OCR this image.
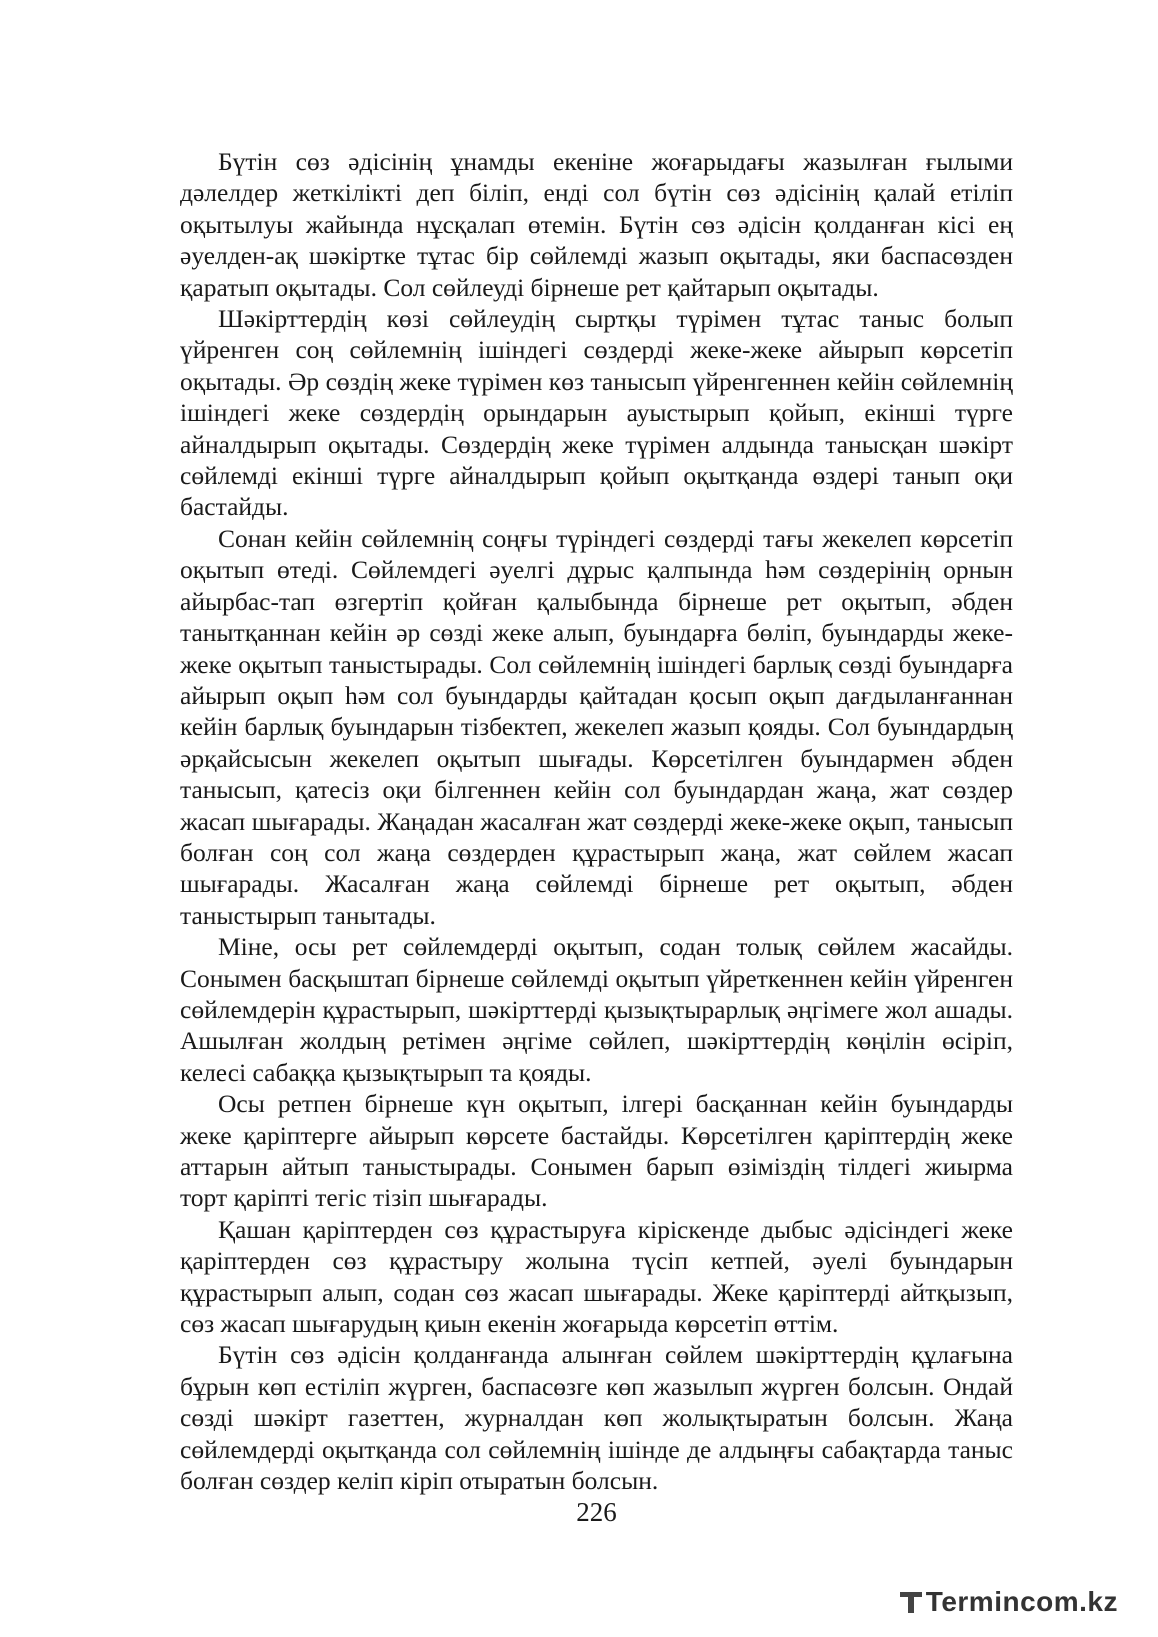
Бүтін сөз әдісінің ұнамды екеніне жоғарыдағы жазылған ғылыми дәлелдер жеткілікті деп біліп, енді сол бүтін сөз әдісінің қалай етіліп оқытылуы жайында нұсқалап өтемін. Бүтін сөз әдісін қолданған кісі ең әуелден-ақ шәкіртке тұтас бір сөйлемді жазып оқытады, яки баспасөзден қаратып оқытады. Сол сөйлеуді бірнеше рет қайтарып оқытады.

Шәкірттердің көзі сөйлеудің сыртқы түрімен тұтас таныс болып үйренген соң сөйлемнің ішіндегі сөздерді жеке-жеке айырып көрсетіп оқытады. Әр сөздің жеке түрімен көз танысып үйренгеннен кейін сөйлемнің ішіндегі жеке сөздердің орындарын ауыстырып қойып, екінші түрге айналдырып оқытады. Сөздердің жеке түрімен алдында танысқан шәкірт сөйлемді екінші түрге айналдырып қойып оқытқанда өздері танып оқи бастайды.

Сонан кейін сөйлемнің соңғы түріндегі сөздерді тағы жекелеп көрсетіп оқытып өтеді. Сөйлемдегі әуелгі дұрыс қалпында һәм сөздерінің орнын айырбас-тап өзгертіп қойған қалыбында бірнеше рет оқытып, әбден танытқаннан кейін әр сөзді жеке алып, буындарға бөліп, буындарды жеке-жеке оқытып таныстырады. Сол сөйлемнің ішіндегі барлық сөзді буындарға айырып оқып һәм сол буындарды қайтадан қосып оқып дағдыланғаннан кейін барлық буындарын тізбектеп, жекелеп жазып қояды. Сол буындардың әрқайсысын жекелеп оқытып шығады. Көрсетілген буындармен әбден танысып, қатесіз оқи білгеннен кейін сол буындардан жаңа, жат сөздер жасап шығарады. Жаңадан жасалған жат сөздерді жеке-жеке оқып, танысып болған соң сол жаңа сөздерден құрастырып жаңа, жат сөйлем жасап шығарады. Жасалған жаңа сөйлемді бірнеше рет оқытып, әбден таныстырып танытады.

Міне, осы рет сөйлемдерді оқытып, содан толық сөйлем жасайды. Сонымен басқыштап бірнеше сөйлемді оқытып үйреткеннен кейін үйренген сөйлемдерін құрастырып, шәкірттерді қызықтырарлық әңгімеге жол ашады. Ашылған жолдың ретімен әңгіме сөйлеп, шәкірттердің көңілін өсіріп, келесі сабаққа қызықтырып та қояды.

Осы ретпен бірнеше күн оқытып, ілгері басқаннан кейін буындарды жеке қаріптерге айырып көрсете бастайды. Көрсетілген қаріптердің жеке аттарын айтып таныстырады. Сонымен барып өзіміздің тілдегі жиырма торт қаріпті тегіс тізіп шығарады.

Қашан қаріптерден сөз құрастыруға кіріскенде дыбыс әдісіндегі жеке қаріптерден сөз құрастыру жолына түсіп кетпей, әуелі буындарын құрастырып алып, содан сөз жасап шығарады. Жеке қаріптерді айтқызып, сөз жасап шығарудың қиын екенін жоғарыда көрсетіп өттім.

Бүтін сөз әдісін қолданғанда алынған сөйлем шәкірттердің құлағына бұрын көп естіліп жүрген, баспасөзге көп жазылып жүрген болсын. Ондай сөзді шәкірт газеттен, журналдан көп жолықтыратын болсын. Жаңа сөйлемдерді оқытқанда сол сөйлемнің ішінде де алдыңғы сабақтарда таныс болған сөздер келіп кіріп отыратын болсын.

226
Termincom.kz
